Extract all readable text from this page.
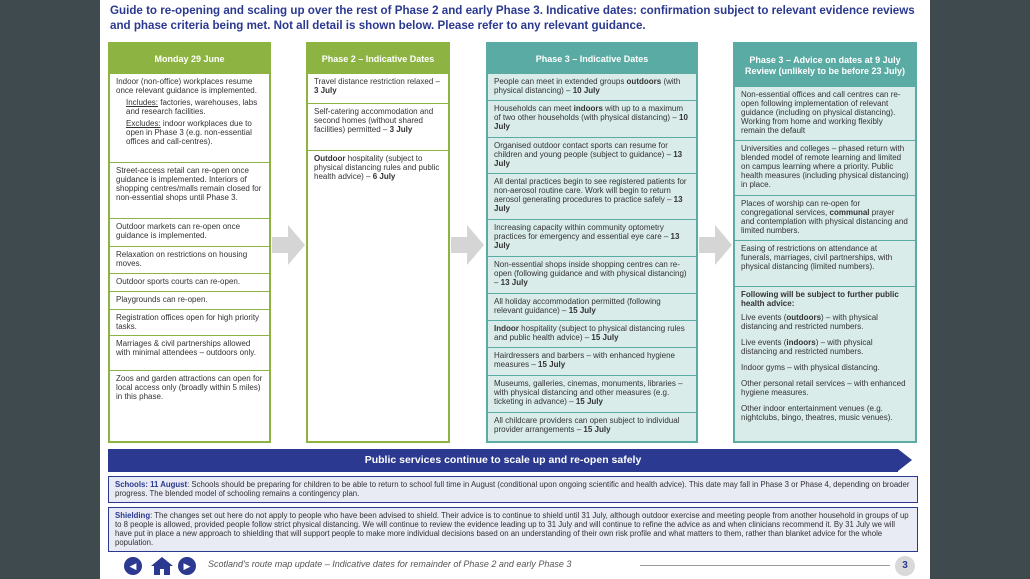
Guide to re-opening and scaling up over the rest of Phase 2 and early Phase 3. Indicative dates: confirmation subject to relevant evidence reviews and phase criteria being met. Not all detail is shown below. Please refer to any relevant guidance.
Monday 29 June
Indoor (non-office) workplaces resume once relevant guidance is implemented.
Includes: factories, warehouses, labs and research facilities.
Excludes: indoor workplaces due to open in Phase 3 (e.g. non-essential offices and call-centres).
Street-access retail can re-open once guidance is implemented. Interiors of shopping centres/malls remain closed for non-essential shops until Phase 3.
Outdoor markets can re-open once guidance is implemented.
Relaxation on restrictions on housing moves.
Outdoor sports courts can re-open.
Playgrounds can re-open.
Registration offices open for high priority tasks.
Marriages & civil partnerships allowed with minimal attendees – outdoors only.
Zoos and garden attractions can open for local access only (broadly within 5 miles) in this phase.
Phase 2 – Indicative Dates
Travel distance restriction relaxed – 3 July
Self-catering accommodation and second homes (without shared facilities) permitted – 3 July
Outdoor hospitality (subject to physical distancing rules and public health advice) – 6 July
Phase 3 – Indicative Dates
People can meet in extended groups outdoors (with physical distancing) – 10 July
Households can meet indoors with up to a maximum of two other households (with physical distancing) – 10 July
Organised outdoor contact sports can resume for children and young people (subject to guidance) – 13 July
All dental practices begin to see registered patients for non-aerosol routine care. Work will begin to return aerosol generating procedures to practice safely – 13 July
Increasing capacity within community optometry practices for emergency and essential eye care – 13 July
Non-essential shops inside shopping centres can re-open (following guidance and with physical distancing) – 13 July
All holiday accommodation permitted (following relevant guidance) – 15 July
Indoor hospitality (subject to physical distancing rules and public health advice) – 15 July
Hairdressers and barbers – with enhanced hygiene measures – 15 July
Museums, galleries, cinemas, monuments, libraries – with physical distancing and other measures (e.g. ticketing in advance) – 15 July
All childcare providers can open subject to individual provider arrangements – 15 July
Phase 3 – Advice on dates at 9 July Review (unlikely to be before 23 July)
Non-essential offices and call centres can re-open following implementation of relevant guidance (including on physical distancing). Working from home and working flexibly remain the default
Universities and colleges – phased return with blended model of remote learning and limited on campus learning where a priority. Public health measures (including physical distancing) in place.
Places of worship can re-open for congregational services, communal prayer and contemplation with physical distancing and limited numbers.
Easing of restrictions on attendance at funerals, marriages, civil partnerships, with physical distancing (limited numbers).
Following will be subject to further public health advice:
Live events (outdoors) – with physical distancing and restricted numbers.
Live events (indoors) – with physical distancing and restricted numbers.
Indoor gyms – with physical distancing.
Other personal retail services – with enhanced hygiene measures.
Other indoor entertainment venues (e.g. nightclubs, bingo, theatres, music venues).
Public services continue to scale up and re-open safely
Schools: 11 August: Schools should be preparing for children to be able to return to school full time in August (conditional upon ongoing scientific and health advice). This date may fall in Phase 3 or Phase 4, depending on broader progress. The blended model of schooling remains a contingency plan.
Shielding: The changes set out here do not apply to people who have been advised to shield. Their advice is to continue to shield until 31 July, although outdoor exercise and meeting people from another household in groups of up to 8 people is allowed, provided people follow strict physical distancing. We will continue to review the evidence leading up to 31 July and will continue to refine the advice as and when clinicians recommend it. By 31 July we will have put in place a new approach to shielding that will support people to make more individual decisions based on an understanding of their own risk profile and what matters to them, rather than blanket advice for the whole population.
◀	▶	Scotland's route map update – Indicative dates for remainder of Phase 2 and early Phase 3	3
